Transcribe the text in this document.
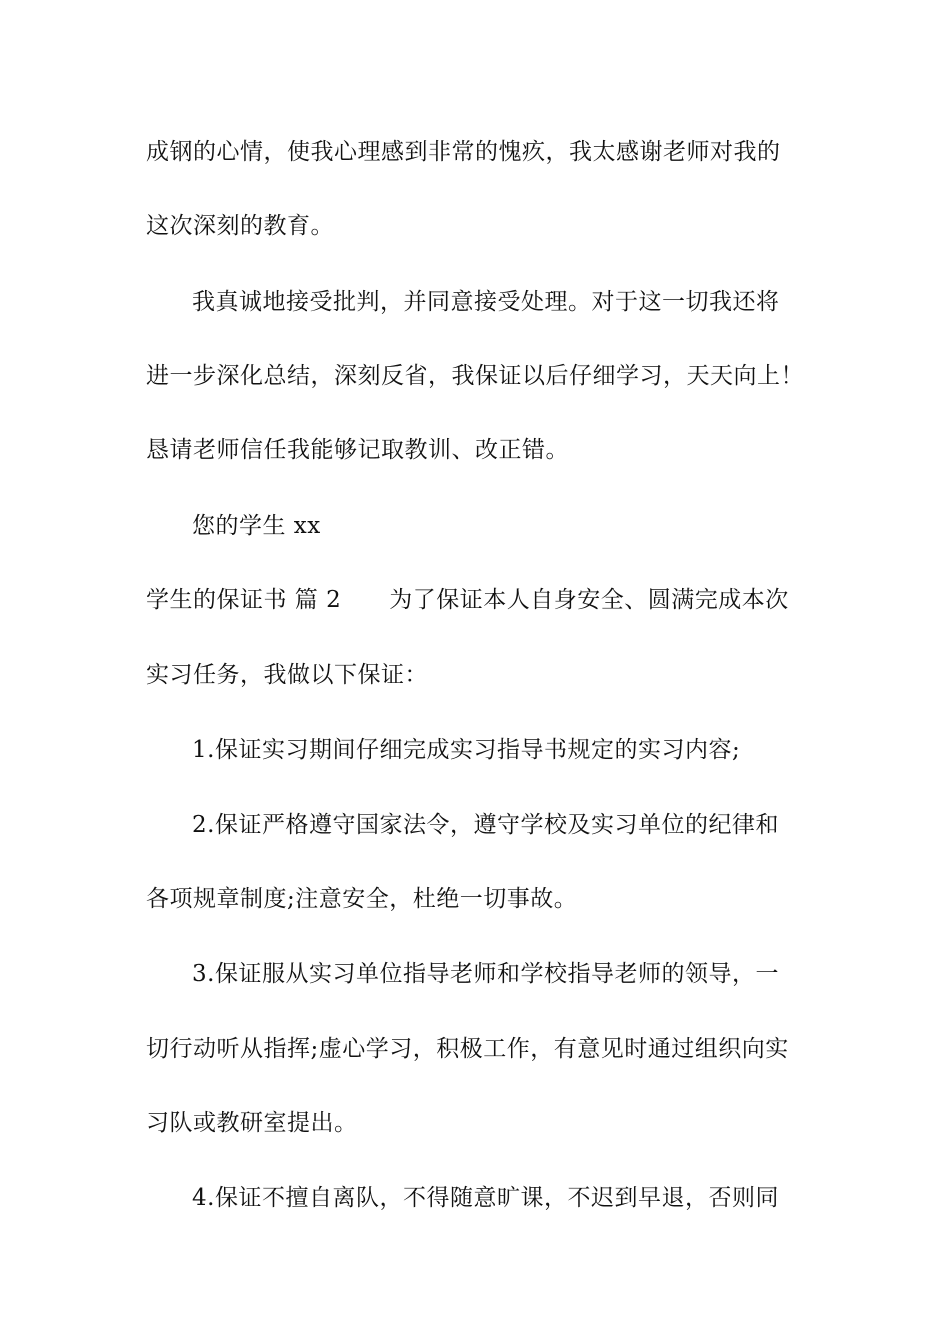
成钢的心情，使我心理感到非常的愧疚，我太感谢老师对我的
这次深刻的教育。
我真诚地接受批判，并同意接受处理。对于这一切我还将
进一步深化总结，深刻反省，我保证以后仔细学习，天天向上！
恳请老师信任我能够记取教训、改正错。
您的学生 xx
学生的保证书 篇 2 为了保证本人自身安全、圆满完成本次
实习任务，我做以下保证：
1.保证实习期间仔细完成实习指导书规定的实习内容;
2.保证严格遵守国家法令，遵守学校及实习单位的纪律和
各项规章制度;注意安全，杜绝一切事故。
3.保证服从实习单位指导老师和学校指导老师的领导，一
切行动听从指挥;虚心学习，积极工作，有意见时通过组织向实
习队或教研室提出。
4.保证不擅自离队，不得随意旷课，不迟到早退，否则同
